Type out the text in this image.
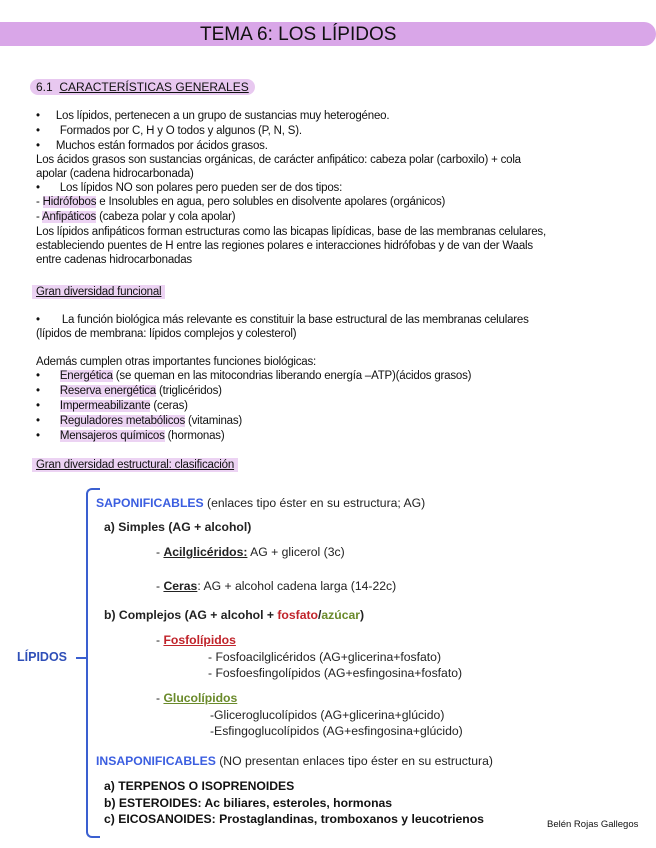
TEMA 6: LOS LÍPIDOS
6.1 CARACTERÍSTICAS GENERALES
• Los lípidos, pertenecen a un grupo de sustancias muy heterogéneo.
• Formados por C, H y O todos y algunos (P, N, S).
• Muchos están formados por ácidos grasos.
Los ácidos grasos son sustancias orgánicas, de carácter anfipático: cabeza polar (carboxilo) + cola
apolar (cadena hidrocarbonada)
• Los lípidos NO son polares pero pueden ser de dos tipos:
- Hidrófobos e Insolubles en agua, pero solubles en disolvente apolares (orgánicos)
- Anfipáticos (cabeza polar y cola apolar)
Los lípidos anfipáticos forman estructuras como las bicapas lipídicas, base de las membranas celulares,
estableciendo puentes de H entre las regiones polares e interacciones hidrófobas y de van der Waals
entre cadenas hidrocarbonadas
Gran diversidad funcional
• La función biológica más relevante es constituir la base estructural de las membranas celulares
(lípidos de membrana: lípidos complejos y colesterol)
Además cumplen otras importantes funciones biológicas:
• Energética (se queman en las mitocondrias liberando energía –ATP)(ácidos grasos)
• Reserva energética (triglicéridos)
• Impermeabilizante (ceras)
• Reguladores metabólicos (vitaminas)
• Mensajeros químicos (hormonas)
Gran diversidad estructural: clasificación
LÍPIDOS
SAPONIFICABLES (enlaces tipo éster en su estructura; AG)
a) Simples (AG + alcohol)
- Acilglicéridos: AG + glicerol (3c)
- Ceras: AG + alcohol cadena larga (14-22c)
b) Complejos (AG + alcohol + fosfato/azúcar)
- Fosfolípidos
- Fosfoacilglicéridos (AG+glicerina+fosfato)
- Fosfoesfingolípidos (AG+esfingosina+fosfato)
- Glucolípidos
-Gliceroglucolípidos (AG+glicerina+glúcido)
-Esfingoglucolípidos (AG+esfingosina+glúcido)
INSAPONIFICABLES (NO presentan enlaces tipo éster en su estructura)
a) TERPENOS O ISOPRENOIDES
b) ESTEROIDES: Ac biliares, esteroles, hormonas
c) EICOSANOIDES: Prostaglandinas, tromboxanos y leucotrienos	Belén Rojas Gallegos
